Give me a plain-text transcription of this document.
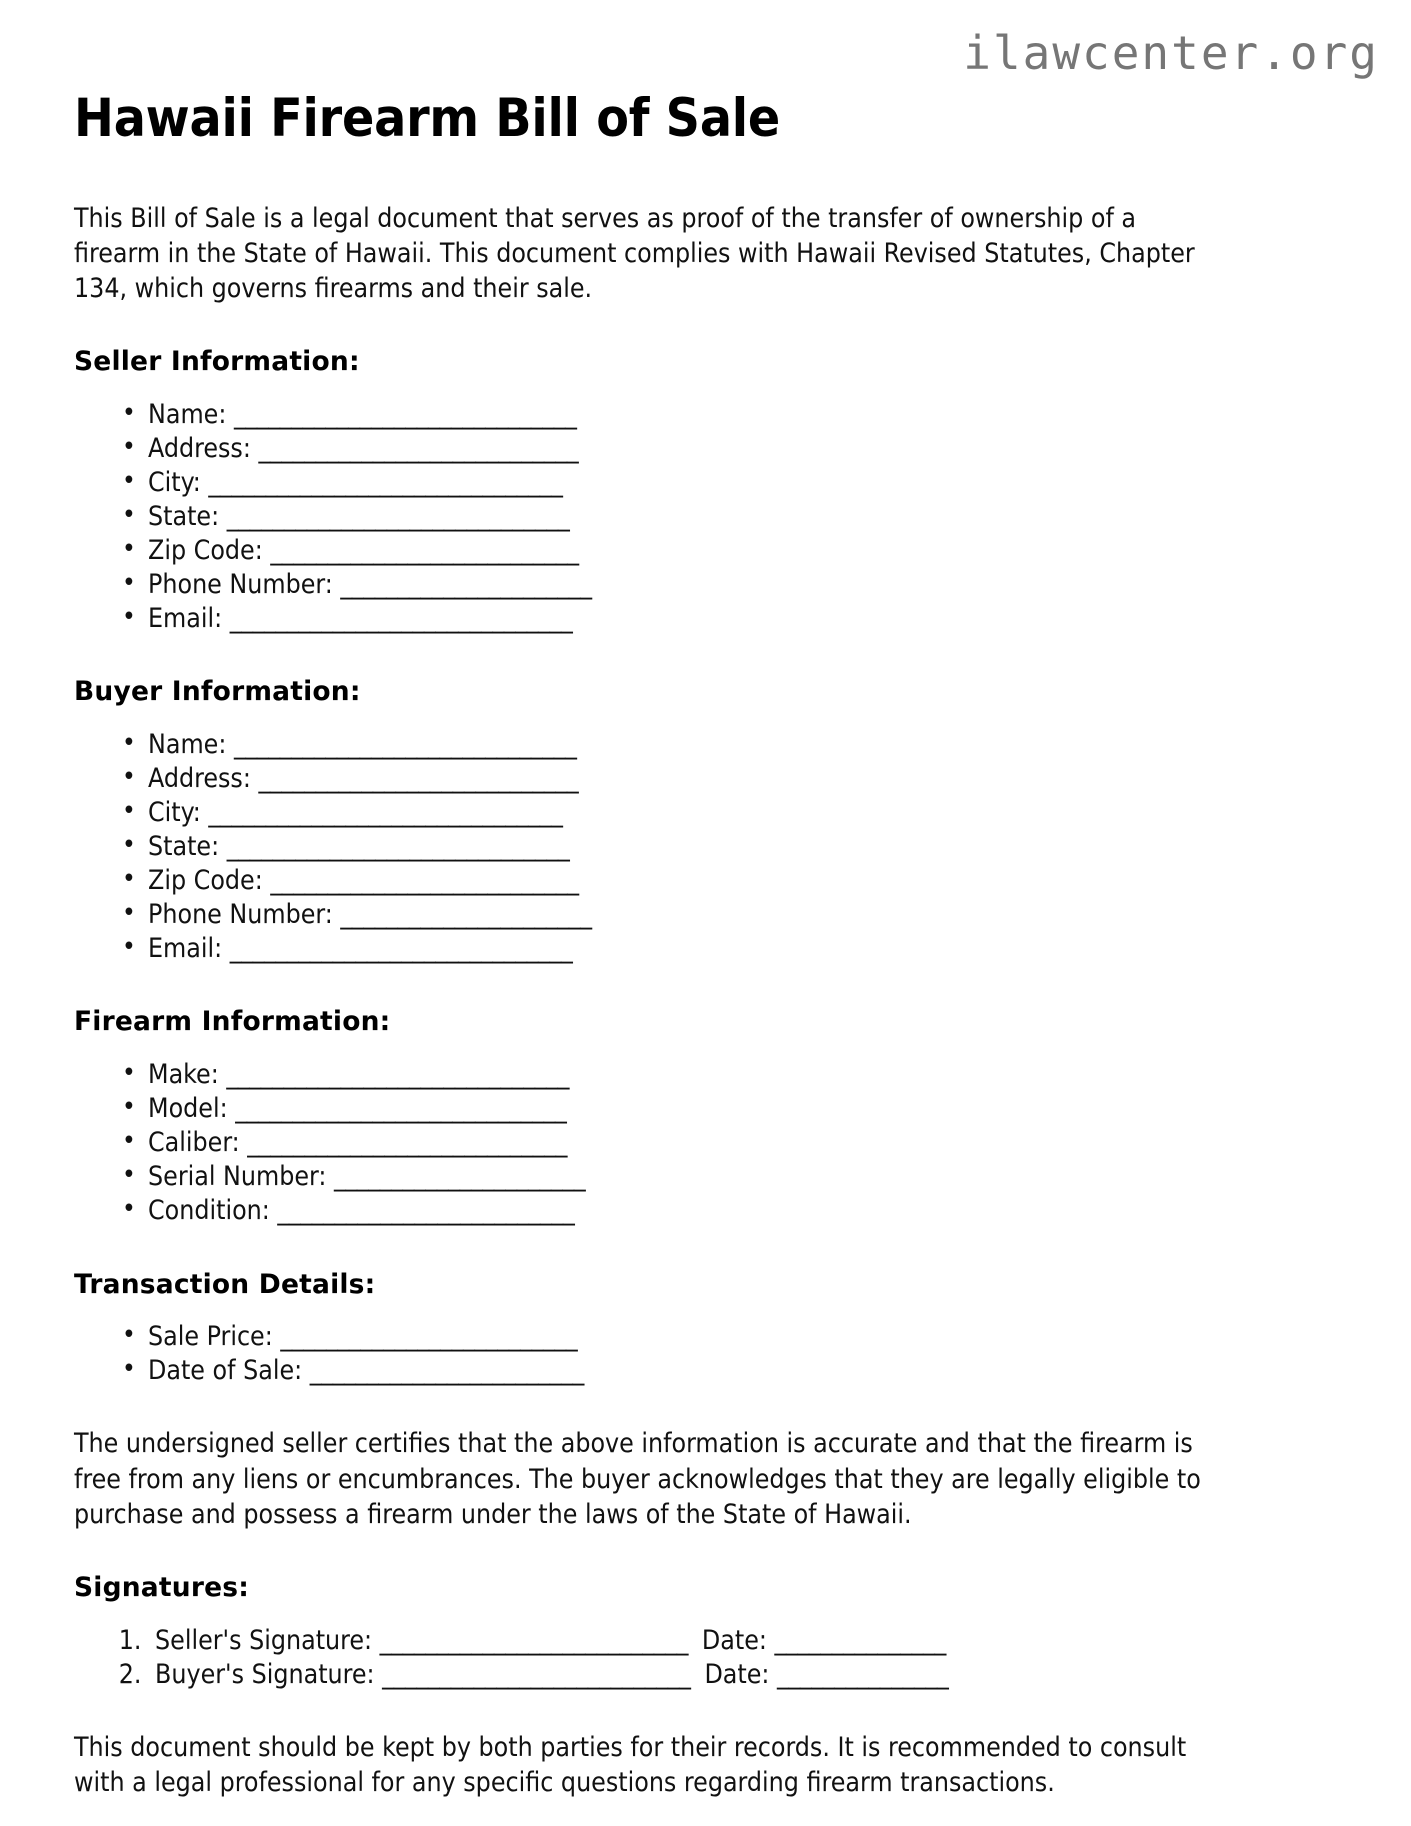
ilawcenter.org
Hawaii Firearm Bill of Sale

This Bill of Sale is a legal document that serves as proof of the transfer of ownership of a firearm in the State of Hawaii. This document complies with Hawaii Revised Statutes, Chapter 134, which governs firearms and their sale.

Seller Information:
• Name: ______________________________
• Address: ____________________________
• City: _______________________________
• State: ______________________________
• Zip Code: ___________________________
• Phone Number: ______________________
• Email: ______________________________
Buyer Information:
• Name: ______________________________
• Address: ____________________________
• City: _______________________________
• State: ______________________________
• Zip Code: ___________________________
• Phone Number: ______________________
• Email: ______________________________
Firearm Information:
• Make: ______________________________
• Model: _____________________________
• Caliber: ____________________________
• Serial Number: ______________________
• Condition: __________________________
Transaction Details:
• Sale Price: __________________________
• Date of Sale: ________________________

The undersigned seller certifies that the above information is accurate and that the firearm is free from any liens or encumbrances. The buyer acknowledges that they are legally eligible to purchase and possess a firearm under the laws of the State of Hawaii.

Signatures:
1. Seller's Signature: ___________________________ Date: _______________
2. Buyer's Signature: ___________________________ Date: _______________

This document should be kept by both parties for their records. It is recommended to consult with a legal professional for any specific questions regarding firearm transactions.
